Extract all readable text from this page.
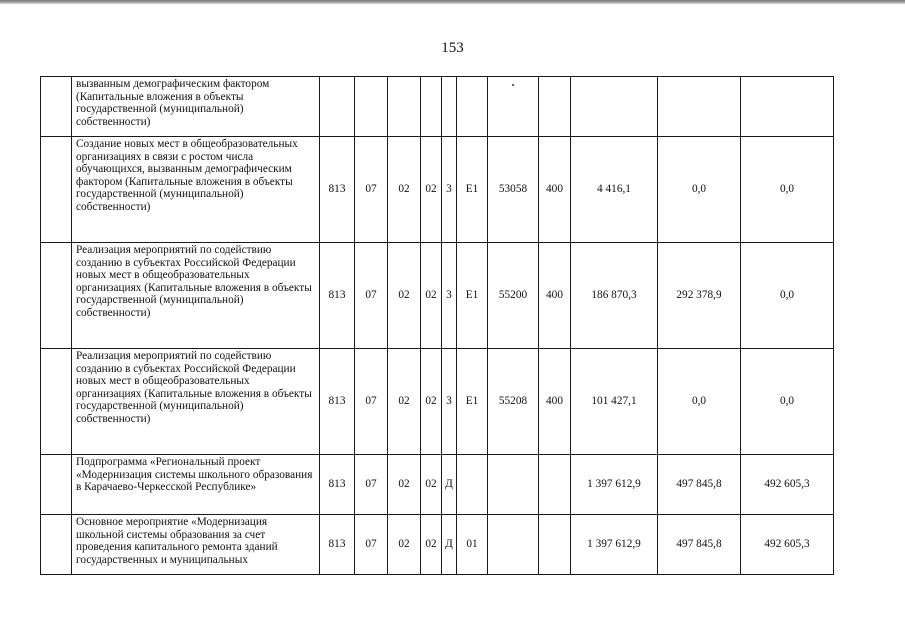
153
	вызванным демографическим фактором (Капитальные вложения в объекты государственной (муниципальной) собственности)											
	Создание новых мест в общеобразовательных организациях в связи с ростом числа обучающихся, вызванным демографическим фактором (Капитальные вложения в объекты государственной (муниципальной) собственности)	813	07	02	02	3	Е1	53058	400	4 416,1	0,0	0,0
	Реализация мероприятий по содействию созданию в субъектах Российской Федерации новых мест в общеобразовательных организациях (Капитальные вложения в объекты государственной (муниципальной) собственности)	813	07	02	02	3	Е1	55200	400	186 870,3	292 378,9	0,0
	Реализация мероприятий по содействию созданию в субъектах Российской Федерации новых мест в общеобразовательных организациях (Капитальные вложения в объекты государственной (муниципальной) собственности)	813	07	02	02	3	Е1	55208	400	101 427,1	0,0	0,0
	Подпрограмма «Региональный проект «Модернизация системы школьного образования в Карачаево-Черкесской Республике»	813	07	02	02	Д				1 397 612,9	497 845,8	492 605,3
	Основное мероприятие «Модернизация школьной системы образования за счет проведения капитального ремонта зданий государственных и муниципальных	813	07	02	02	Д	01			1 397 612,9	497 845,8	492 605,3
